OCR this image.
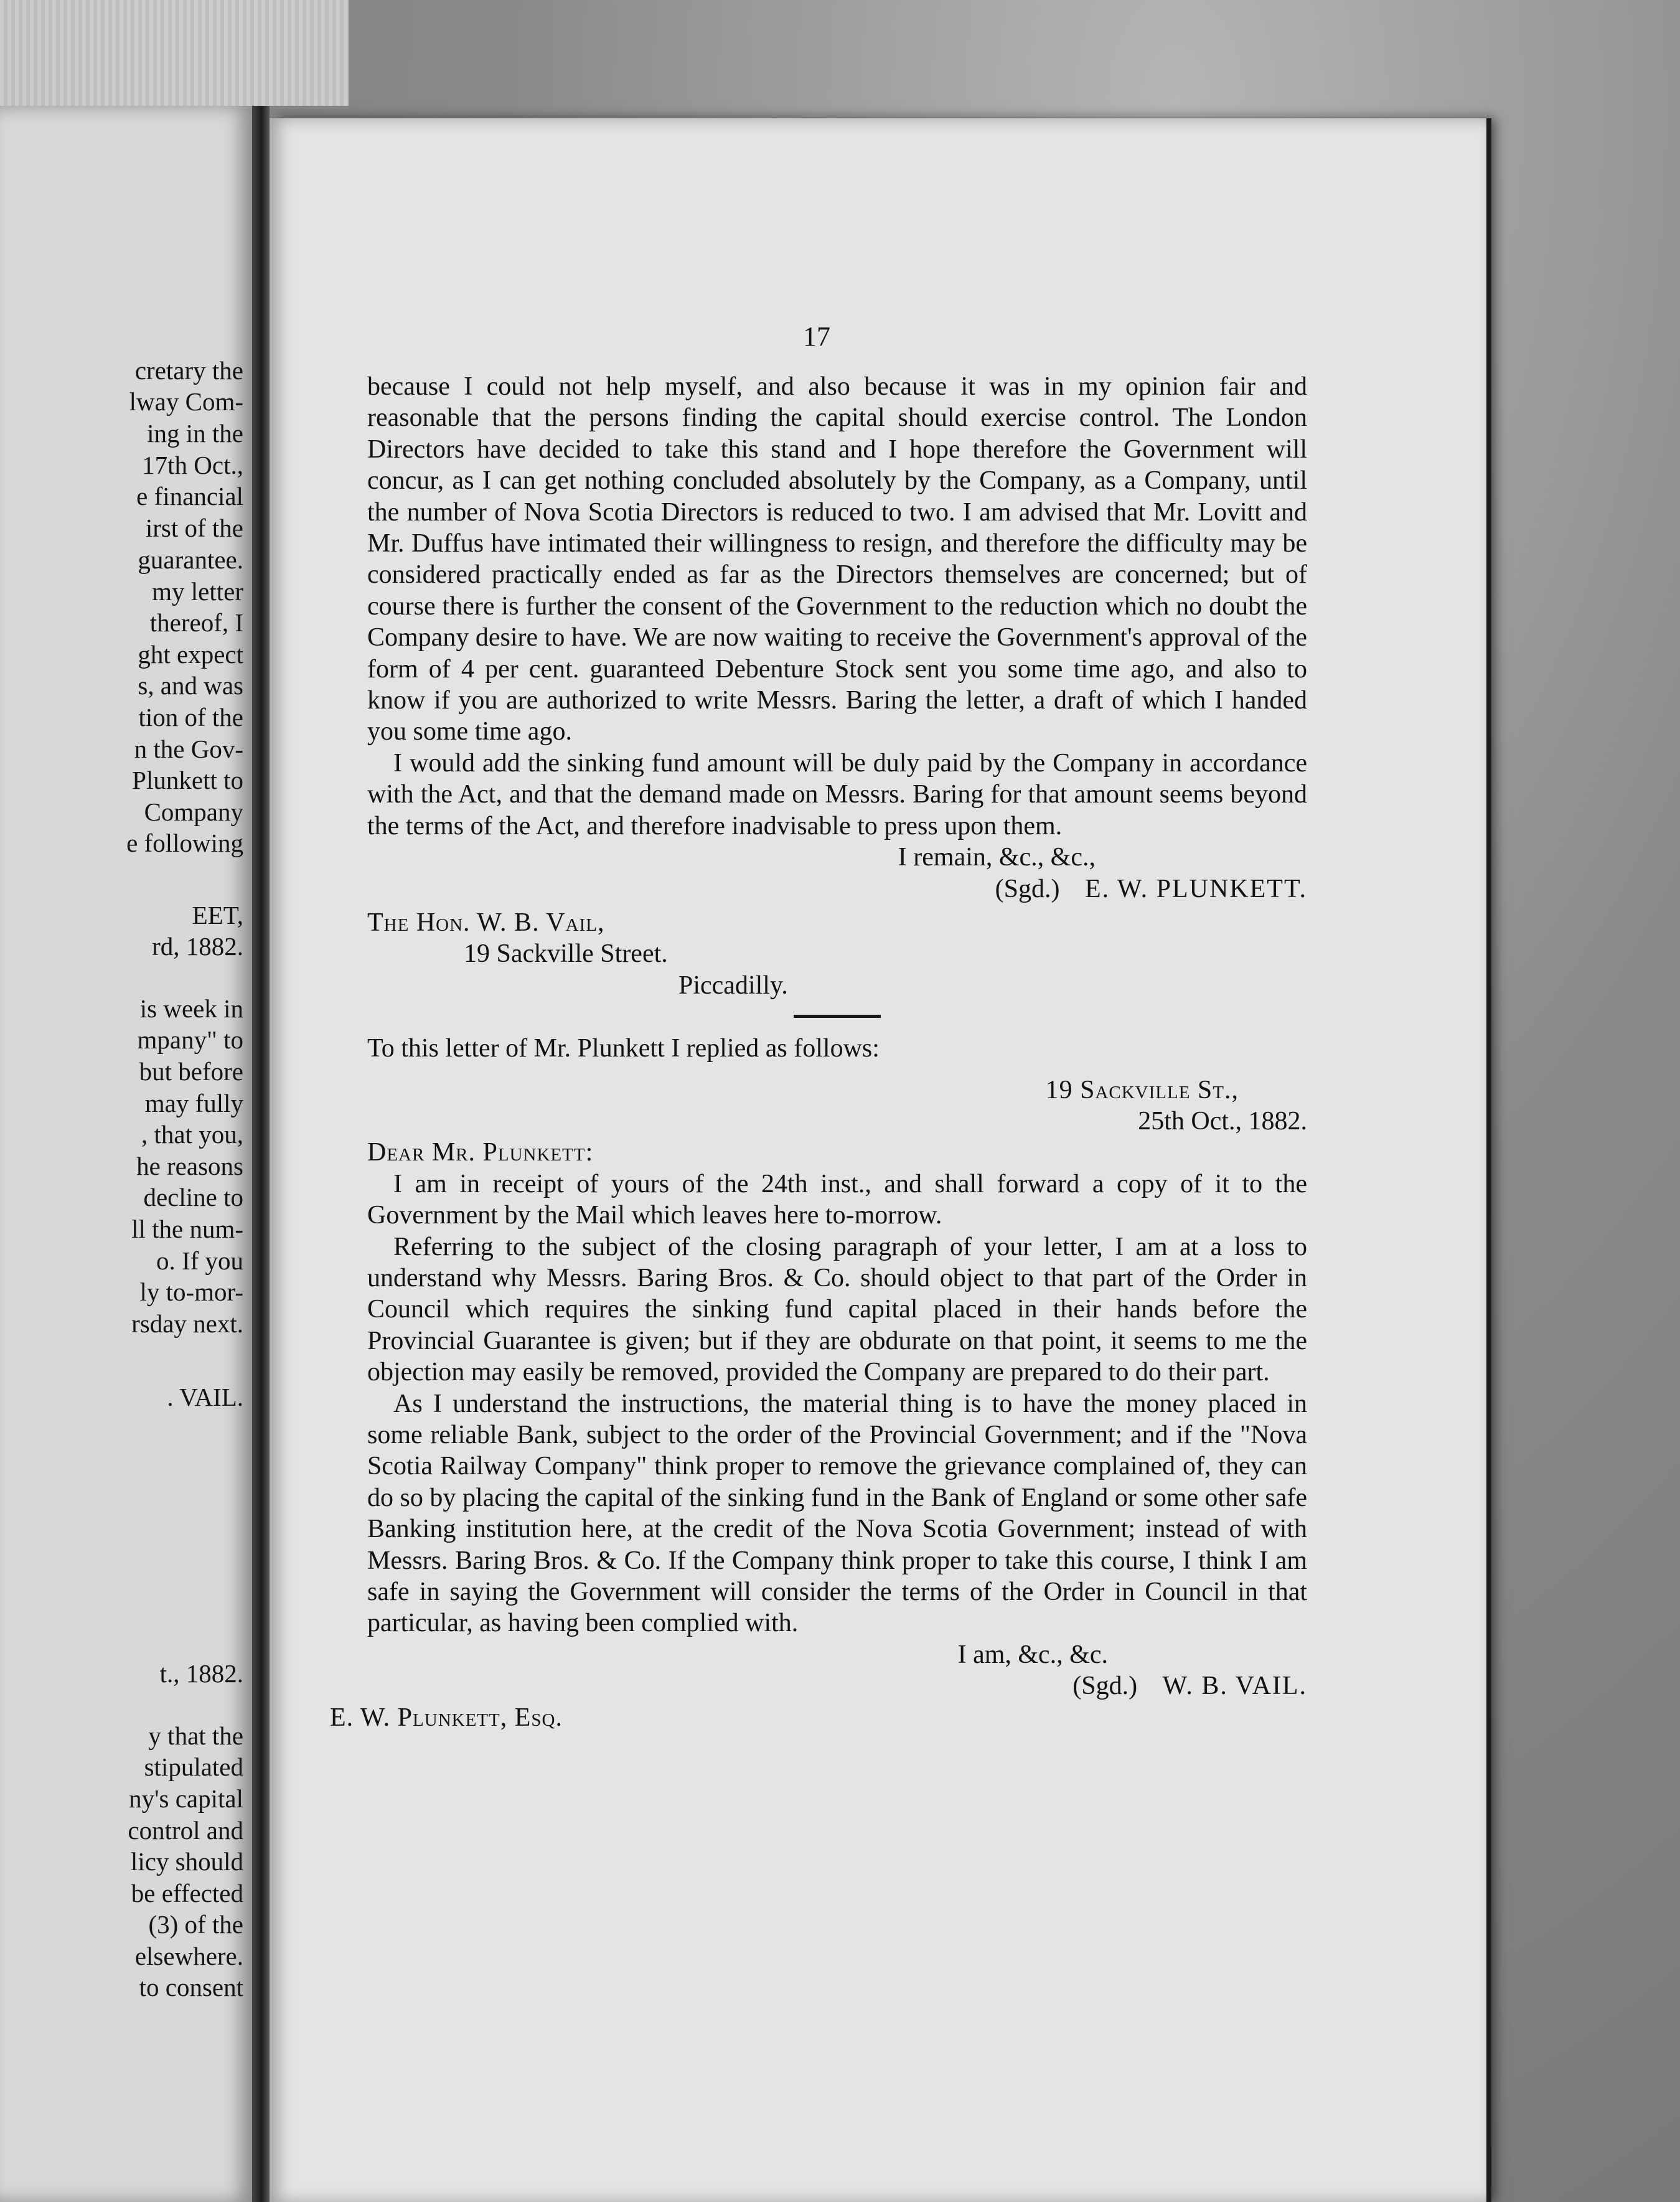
cretary the

lway Com-

ing in the

17th Oct.,

e financial

irst of the

guarantee.

my letter

thereof, I

ght expect

s, and was

tion of the

n the Gov-

Plunkett to

Company

e following

EET,

rd, 1882.

is week in

mpany" to

but before

may fully

, that you,

he reasons

decline to

ll the num-

o. If you

ly to-mor-

rsday next.

. VAIL.

t., 1882.

y that the

stipulated

ny's capital

control and

licy should

be effected

(3) of the

elsewhere.

to consent

17

because I could not help myself, and also because it was in my opinion fair and reasonable that the persons finding the capital should exercise control. The London Directors have decided to take this stand and I hope therefore the Government will concur, as I can get nothing concluded absolutely by the Company, as a Company, until the number of Nova Scotia Directors is reduced to two. I am advised that Mr. Lovitt and Mr. Duffus have intimated their willingness to resign, and therefore the difficulty may be considered practically ended as far as the Directors themselves are concerned; but of course there is further the consent of the Government to the reduction which no doubt the Company desire to have. We are now waiting to receive the Government's approval of the form of 4 per cent. guaranteed Debenture Stock sent you some time ago, and also to know if you are authorized to write Messrs. Baring the letter, a draft of which I handed you some time ago.

I would add the sinking fund amount will be duly paid by the Company in accordance with the Act, and that the demand made on Messrs. Baring for that amount seems beyond the terms of the Act, and therefore inadvisable to press upon them.

I remain, &c., &c.,

(Sgd.) E. W. PLUNKETT.

The Hon. W. B. Vail,

19 Sackville Street.

Piccadilly.

To this letter of Mr. Plunkett I replied as follows:

19 Sackville St.,

25th Oct., 1882.

Dear Mr. Plunkett:

I am in receipt of yours of the 24th inst., and shall forward a copy of it to the Government by the Mail which leaves here to-morrow.

Referring to the subject of the closing paragraph of your letter, I am at a loss to understand why Messrs. Baring Bros. & Co. should object to that part of the Order in Council which requires the sinking fund capital placed in their hands before the Provincial Guarantee is given; but if they are obdurate on that point, it seems to me the objection may easily be removed, provided the Company are prepared to do their part.

As I understand the instructions, the material thing is to have the money placed in some reliable Bank, subject to the order of the Provincial Government; and if the "Nova Scotia Railway Company" think proper to remove the grievance complained of, they can do so by placing the capital of the sinking fund in the Bank of England or some other safe Banking institution here, at the credit of the Nova Scotia Government; instead of with Messrs. Baring Bros. & Co. If the Company think proper to take this course, I think I am safe in saying the Government will consider the terms of the Order in Council in that particular, as having been complied with.

I am, &c., &c.

(Sgd.) W. B. VAIL.

E. W. Plunkett, Esq.
